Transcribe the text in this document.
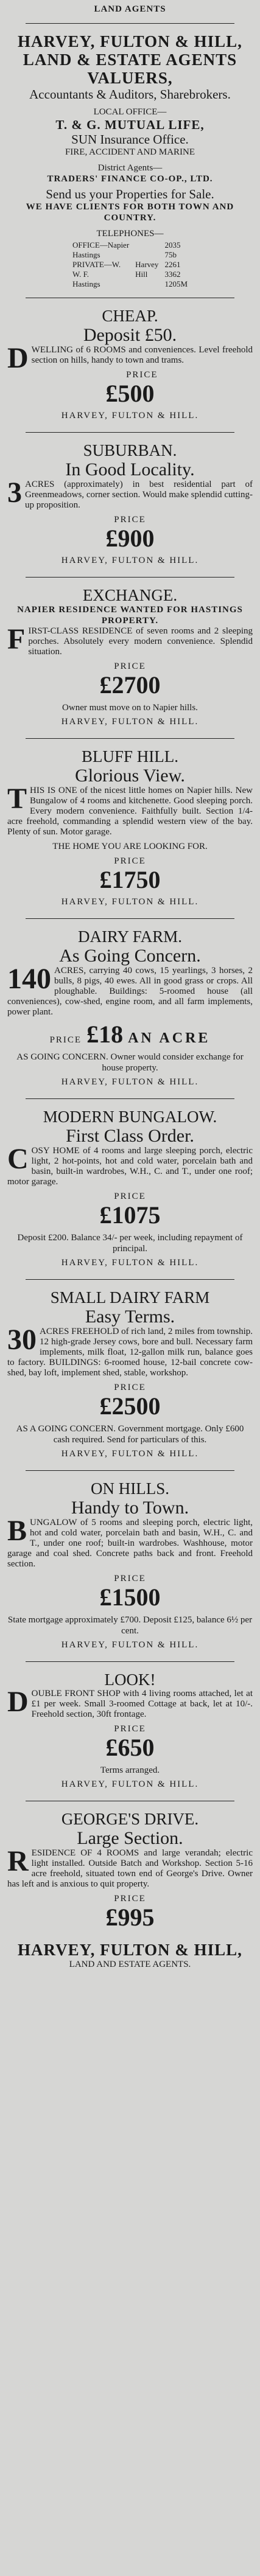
LAND AGENTS
HARVEY, FULTON & HILL,
LAND & ESTATE AGENTS VALUERS,
Accountants & Auditors, Sharebrokers.
LOCAL OFFICE—
T. & G. MUTUAL LIFE,
SUN Insurance Office.
FIRE, ACCIDENT AND MARINE
District Agents—
TRADERS' FINANCE CO-OP., LTD.
Send us your Properties for Sale.
WE HAVE CLIENTS FOR BOTH TOWN AND COUNTRY.
TELEPHONES—
OFFICE—Napier		2035
Hastings		75b
PRIVATE—W.	Harvey	2261
W. F.	Hill	3362
Hastings		1205M
CHEAP.
Deposit £50.
DWELLING of 6 ROOMS and conveniences. Level freehold section on hills, handy to town and trams.
PRICE
£500
HARVEY, FULTON & HILL.
SUBURBAN.
In Good Locality.
3 ACRES (approximately) in best residential part of Greenmeadows, corner section. Would make splendid cutting-up proposition.
PRICE
£900
HARVEY, FULTON & HILL.
EXCHANGE.
NAPIER RESIDENCE WANTED FOR HASTINGS PROPERTY.
FIRST-CLASS RESIDENCE of seven rooms and 2 sleeping porches. Absolutely every modern convenience. Splendid situation.
PRICE
£2700
Owner must move on to Napier hills.
HARVEY, FULTON & HILL.
BLUFF HILL.
Glorious View.
THIS IS ONE of the nicest little homes on Napier hills. New Bungalow of 4 rooms and kitchenette. Good sleeping porch. Every modern convenience. Faithfully built. Section 1/4-acre freehold, commanding a splendid western view of the bay. Plenty of sun. Motor garage.
THE HOME YOU ARE LOOKING FOR.
PRICE
£1750
HARVEY, FULTON & HILL.
DAIRY FARM.
As Going Concern.
140 ACRES, carrying 40 cows, 15 yearlings, 3 horses, 2 bulls, 8 pigs, 40 ewes. All in good grass or crops. All ploughable. Buildings: 5-roomed house (all conveniences), cow-shed, engine room, and all farm implements, power plant.
PRICE £18 AN ACRE
AS GOING CONCERN. Owner would consider exchange for house property.
HARVEY, FULTON & HILL.
MODERN BUNGALOW.
First Class Order.
COSY HOME of 4 rooms and large sleeping porch, electric light, 2 hot-points, hot and cold water, porcelain bath and basin, built-in wardrobes, W.H., C. and T., under one roof; motor garage.
PRICE
£1075
Deposit £200. Balance 34/- per week, including repayment of principal.
HARVEY, FULTON & HILL.
SMALL DAIRY FARM
Easy Terms.
30 ACRES FREEHOLD of rich land, 2 miles from township. 12 high-grade Jersey cows, bore and bull. Necessary farm implements, milk float, 12-gallon milk run, balance goes to factory. BUILDINGS: 6-roomed house, 12-bail concrete cow-shed, bay loft, implement shed, stable, workshop.
PRICE
£2500
AS A GOING CONCERN. Government mortgage. Only £600 cash required. Send for particulars of this.
HARVEY, FULTON & HILL.
ON HILLS.
Handy to Town.
BUNGALOW of 5 rooms and sleeping porch, electric light, hot and cold water, porcelain bath and basin, W.H., C. and T., under one roof; built-in wardrobes. Washhouse, motor garage and coal shed. Concrete paths back and front. Freehold section.
PRICE
£1500
State mortgage approximately £700. Deposit £125, balance 6½ per cent.
HARVEY, FULTON & HILL.
LOOK!
DOUBLE FRONT SHOP with 4 living rooms attached, let at £1 per week. Small 3-roomed Cottage at back, let at 10/-. Freehold section, 30ft frontage.
PRICE
£650
Terms arranged.
HARVEY, FULTON & HILL.
GEORGE'S DRIVE.
Large Section.
RESIDENCE OF 4 ROOMS and large verandah; electric light installed. Outside Batch and Workshop. Section 5-16 acre freehold, situated town end of George's Drive. Owner has left and is anxious to quit property.
PRICE
£995
HARVEY, FULTON & HILL,
LAND AND ESTATE AGENTS.
